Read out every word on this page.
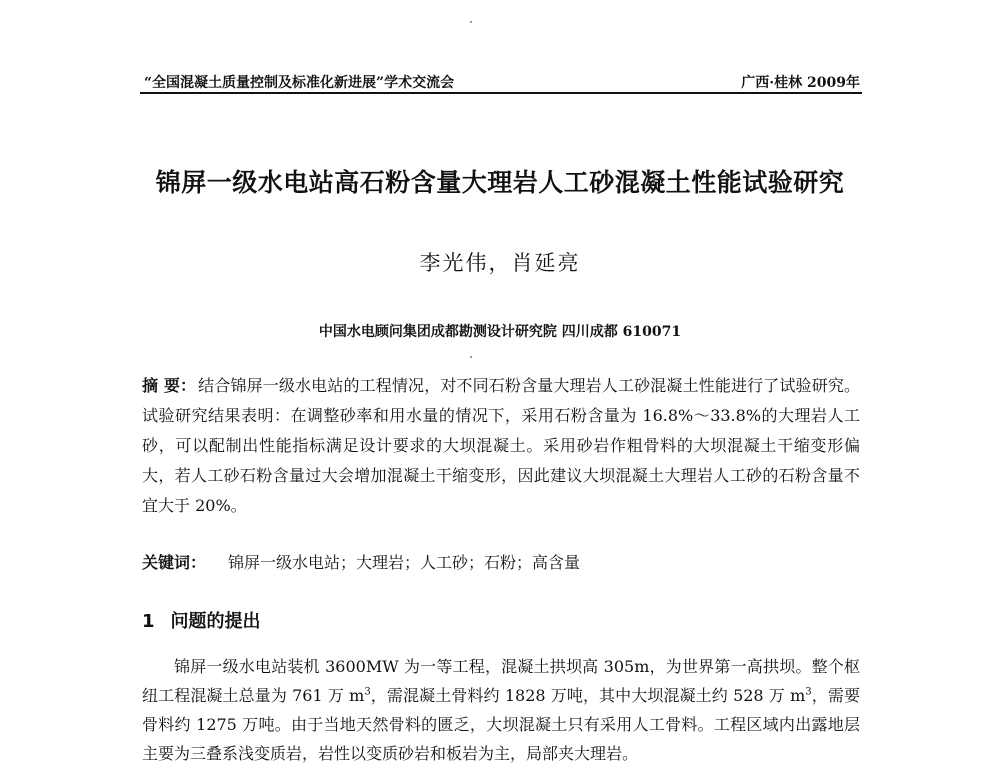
“全国混凝土质量控制及标准化新进展”学术交流会	广西·桂林 2009年
锦屏一级水电站高石粉含量大理岩人工砂混凝土性能试验研究
李光伟，肖延亮
中国水电顾问集团成都勘测设计研究院 四川成都 610071
摘 要： 结合锦屏一级水电站的工程情况，对不同石粉含量大理岩人工砂混凝土性能进行了试验研究。试验研究结果表明：在调整砂率和用水量的情况下，采用石粉含量为 16.8%～33.8%的大理岩人工砂，可以配制出性能指标满足设计要求的大坝混凝土。采用砂岩作粗骨料的大坝混凝土干缩变形偏大，若人工砂石粉含量过大会增加混凝土干缩变形，因此建议大坝混凝土大理岩人工砂的石粉含量不宜大于 20%。
关键词： 锦屏一级水电站；大理岩；人工砂；石粉；高含量
1 问题的提出
锦屏一级水电站装机 3600MW 为一等工程，混凝土拱坝高 305m，为世界第一高拱坝。整个枢纽工程混凝土总量为 761 万 $m^3$，需混凝土骨料约 1828 万吨，其中大坝混凝土约 528 万 $m^3$，需要骨料约 1275 万吨。由于当地天然骨料的匮乏，大坝混凝土只有采用人工骨料。工程区域内出露地层主要为三叠系浅变质岩，岩性以变质砂岩和板岩为主，局部夹大理岩。
